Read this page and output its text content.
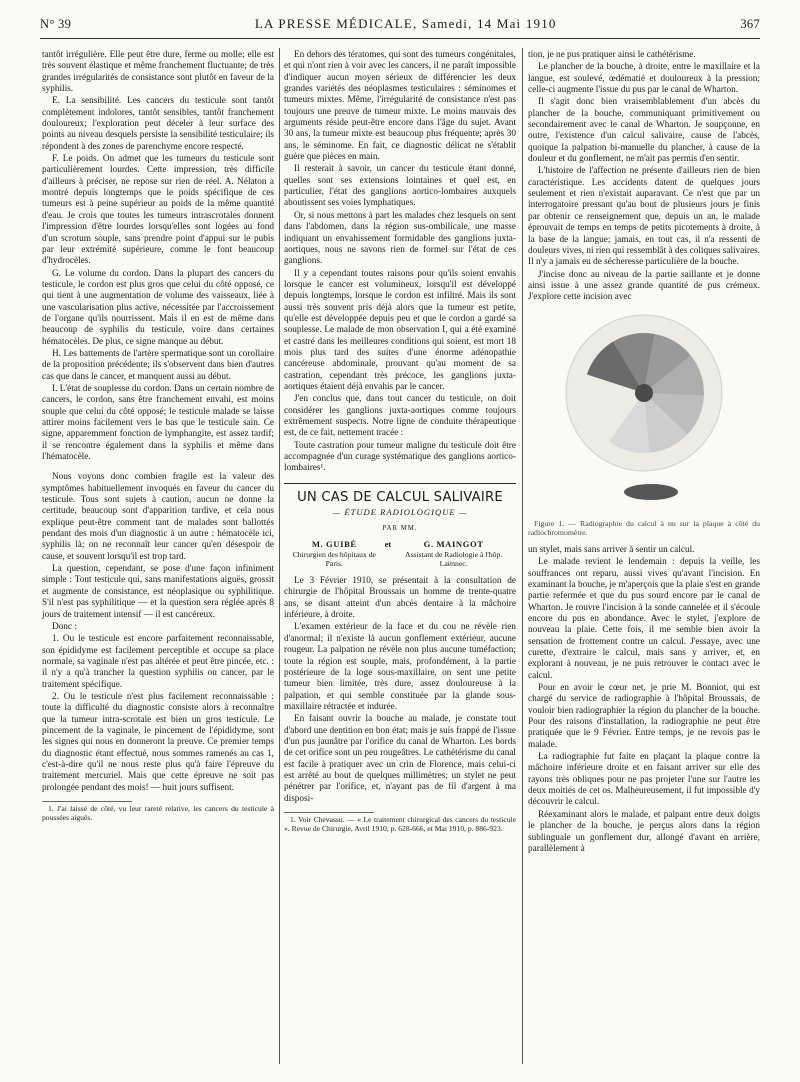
N° 39	LA PRESSE MÉDICALE, Samedi, 14 Mai 1910	367

tantôt irrégulière. Elle peut être dure, ferme ou molle; elle est très souvent élastique et même franchement fluctuante; de très grandes irrégularités de consistance sont plutôt en faveur de la syphilis.

E. La sensibilité. Les cancers du testicule sont tantôt complètement indolores, tantôt sensibles, tantôt franchement douloureux; l'exploration peut déceler à leur surface des points au niveau desquels persiste la sensibilité testiculaire; ils répondent à des zones de parenchyme encore respecté.

F. Le poids. On admet que les tumeurs du testicule sont particulièrement lourdes. Cette impression, très difficile d'ailleurs à préciser, ne repose sur rien de réel. A. Nélaton a montré depuis longtemps que le poids spécifique de ces tumeurs est à peine supérieur au poids de la même quantité d'eau. Je crois que toutes les tumeurs intrascrotales donnent l'impression d'être lourdes lorsqu'elles sont logées au fond d'un scrotum souple, sans prendre point d'appui sur le pubis par leur extrémité supérieure, comme le font beaucoup d'hydrocèles.

G. Le volume du cordon. Dans la plupart des cancers du testicule, le cordon est plus gros que celui du côté opposé, ce qui tient à une augmentation de volume des vaisseaux, liée à une vascularisation plus active, nécessitée par l'accroissement de l'organe qu'ils nourrissent. Mais il en est de même dans beaucoup de syphilis du testicule, voire dans certaines hématocèles. De plus, ce signe manque au début.

H. Les battements de l'artère spermatique sont un corollaire de la proposition précédente; ils s'observent dans bien d'autres cas que dans le cancer, et manquent aussi au début.

I. L'état de souplesse du cordon. Dans un certain nombre de cancers, le cordon, sans être franchement envahi, est moins souple que celui du côté opposé; le testicule malade se laisse attirer moins facilement vers le bas que le testicule sain. Ce signe, apparemment fonction de lymphangite, est assez tardif; il se rencontre également dans la syphilis et même dans l'hématocèle.

Nous voyons donc combien fragile est la valeur des symptômes habituellement invoqués en faveur du cancer du testicule. Tous sont sujets à caution, aucun ne donne la certitude, beaucoup sont d'apparition tardive, et cela nous explique peut-être comment tant de malades sont ballottés pendant des mois d'un diagnostic à un autre : hématocèle ici, syphilis là; on ne reconnaît leur cancer qu'en désespoir de cause, et souvent lorsqu'il est trop tard.

La question, cependant, se pose d'une façon infiniment simple : Tout testicule qui, sans manifestations aiguës, grossit et augmente de consistance, est néoplasique ou syphilitique. S'il n'est pas syphilitique — et la question sera réglée après 8 jours de traitement intensif — il est cancéreux.

Donc :

1. Ou le testicule est encore parfaitement reconnaissable, son épididyme est facilement perceptible et occupe sa place normale, sa vaginale n'est pas altérée et peut être pincée, etc. : il n'y a qu'à trancher la question syphilis ou cancer, par le traitement spécifique.

2. Ou le testicule n'est plus facilement reconnaissable : toute la difficulté du diagnostic consiste alors à reconnaître que la tumeur intra-scrotale est bien un gros testicule. Le pincement de la vaginale, le pincement de l'épididyme, sont les signes qui nous en donneront la preuve. Ce premier temps du diagnostic étant effectué, nous sommes ramenés au cas 1, c'est-à-dire qu'il ne nous reste plus qu'à faire l'épreuve du traitement mercuriel. Mais que cette épreuve ne soit pas prolongée pendant des mois! — huit jours suffisent.

1. J'ai laissé de côté, vu leur rareté relative, les cancers du testicule à poussées aiguës.

En dehors des tératomes, qui sont des tumeurs congénitales, et qui n'ont rien à voir avec les cancers, il ne paraît impossible d'indiquer aucun moyen sérieux de différencier les deux grandes variétés des néoplasmes testiculaires : séminomes et tumeurs mixtes. Même, l'irrégularité de consistance n'est pas toujours une preuve de tumeur mixte. Le moins mauvais des arguments réside peut-être encore dans l'âge du sujet. Avant 30 ans, la tumeur mixte est beaucoup plus fréquente; après 30 ans, le séminome. En fait, ce diagnostic délicat ne s'établit guère que pièces en main.

Il resterait à savoir, un cancer du testicule étant donné, quelles sont ses extensions lointaines et quel est, en particulier, l'état des ganglions aortico-lombaires auxquels aboutissent ses voies lymphatiques.

Or, si nous mettons à part les malades chez lesquels on sent dans l'abdomen, dans la région sus-ombilicale, une masse indiquant un envahissement formidable des ganglions juxta-aortiques, nous ne savons rien de formel sur l'état de ces ganglions.

Il y a cependant toutes raisons pour qu'ils soient envahis lorsque le cancer est volumineux, lorsqu'il est développé depuis longtemps, lorsque le cordon est infiltré. Mais ils sont aussi très souvent pris déjà alors que la tumeur est petite, qu'elle est développée depuis peu et que le cordon a gardé sa souplesse. Le malade de mon observation I, qui a été examiné et castré dans les meilleures conditions qui soient, est mort 18 mois plus tard des suites d'une énorme adénopathie cancéreuse abdominale, prouvant qu'au moment de sa castration, cependant très précoce, les ganglions juxta-aortiques étaient déjà envahis par le cancer.

J'en conclus que, dans tout cancer du testicule, on doit considérer les ganglions juxta-aortiques comme toujours extrêmement suspects. Notre ligne de conduite thérapeutique est, de ce fait, nettement tracée :

Toute castration pour tumeur maligne du testicule doit être accompagnée d'un curage systématique des ganglions aortico-lombaires¹.

UN CAS DE CALCUL SALIVAIRE
— ÉTUDE RADIOLOGIQUE —
PAR MM.
M. GUIBÉ
Chirurgien des hôpitaux de Paris.
et	G. MAINGOT
Assistant de Radiologie à l'hôp. Laënnec.

Le 3 Février 1910, se présentait à la consultation de chirurgie de l'hôpital Broussais un homme de trente-quatre ans, se disant atteint d'un abcès dentaire à la mâchoire inférieure, à droite.

L'examen extérieur de la face et du cou ne révèle rien d'anormal; il n'existe là aucun gonflement extérieur, aucune rougeur. La palpation ne révèle non plus aucune tuméfaction; toute la région est souple, mais, profondément, à la partie postérieure de la loge sous-maxillaire, on sent une petite tumeur bien limitée, très dure, assez douloureuse à la palpation, et qui semble constituée par la glande sous-maxillaire rétractée et indurée.

En faisant ouvrir la bouche au malade, je constate tout d'abord une dentition en bon état; mais je suis frappé de l'issue d'un pus jaunâtre par l'orifice du canal de Wharton. Les bords de cet orifice sont un peu rougeâtres. Le cathétérisme du canal est facile à pratiquer avec un crin de Florence, mais celui-ci est arrêté au bout de quelques millimètres; un stylet ne peut pénétrer par l'orifice, et, n'ayant pas de fil d'argent à ma disposi-

1. Voir Chevassu. — « Le traitement chirurgical des cancers du testicule ». Revue de Chirurgie, Avril 1910, p. 628-666, et Mai 1910, p. 886-923.

tion, je ne pus pratiquer ainsi le cathétérisme.

Le plancher de la bouche, à droite, entre le maxillaire et la langue, est soulevé, œdématié et douloureux à la pression; celle-ci augmente l'issue du pus par le canal de Wharton.

Il s'agit donc bien vraisemblablement d'un abcès du plancher de la bouche, communiquant primitivement ou secondairement avec le canal de Wharton. Je soupçonne, en outre, l'existence d'un calcul salivaire, cause de l'abcès, quoique la palpation bi-manuelle du plancher, à cause de la douleur et du gonflement, ne m'ait pas permis d'en sentir.

L'histoire de l'affection ne présente d'ailleurs rien de bien caractéristique. Les accidents datent de quelques jours seulement et rien n'existait auparavant. Ce n'est que par un interrogatoire pressant qu'au bout de plusieurs jours je finis par obtenir ce renseignement que, depuis un an, le malade éprouvait de temps en temps de petits picotements à droite, à la base de la langue; jamais, en tout cas, il n'a ressenti de douleurs vives, ni rien qui ressemblât à des coliques salivaires. Il n'y a jamais eu de sécheresse particulière de la bouche.

J'incise donc au niveau de la partie saillante et je donne ainsi issue à une assez grande quantité de pus crémeux. J'explore cette incision avec

Figure 1. — Radiographie du calcul à nu sur la plaque à côté du radiochromomètre.

un stylet, mais sans arriver à sentir un calcul.

Le malade revient le lendemain : depuis la veille, les souffrances ont reparu, aussi vives qu'avant l'incision. En examinant la bouche, je m'aperçois que la plaie s'est en grande partie refermée et que du pus sourd encore par le canal de Wharton. Je rouvre l'incision à la sonde cannelée et il s'écoule encore du pus en abondance. Avec le stylet, j'explore de nouveau la plaie. Cette fois, il me semble bien avoir la sensation de frottement contre un calcul. J'essaye, avec une curette, d'extraire le calcul, mais sans y arriver, et, en explorant à nouveau, je ne puis retrouver le contact avec le calcul.

Pour en avoir le cœur net, je prie M. Bonniot, qui est chargé du service de radiographie à l'hôpital Broussais, de vouloir bien radiographier la région du plancher de la bouche. Pour des raisons d'installation, la radiographie ne peut être pratiquée que le 9 Février. Entre temps, je ne revois pas le malade.

La radiographie fut faite en plaçant la plaque contre la mâchoire inférieure droite et en faisant arriver sur elle des rayons très obliques pour ne pas projeter l'une sur l'autre les deux moitiés de cet os. Malheureusement, il fut impossible d'y découvrir le calcul.

Réexaminant alors le malade, et palpant entre deux doigts le plancher de la bouche, je perçus alors dans la région sublinguale un gonflement dur, allongé d'avant en arrière, parallèlement à
